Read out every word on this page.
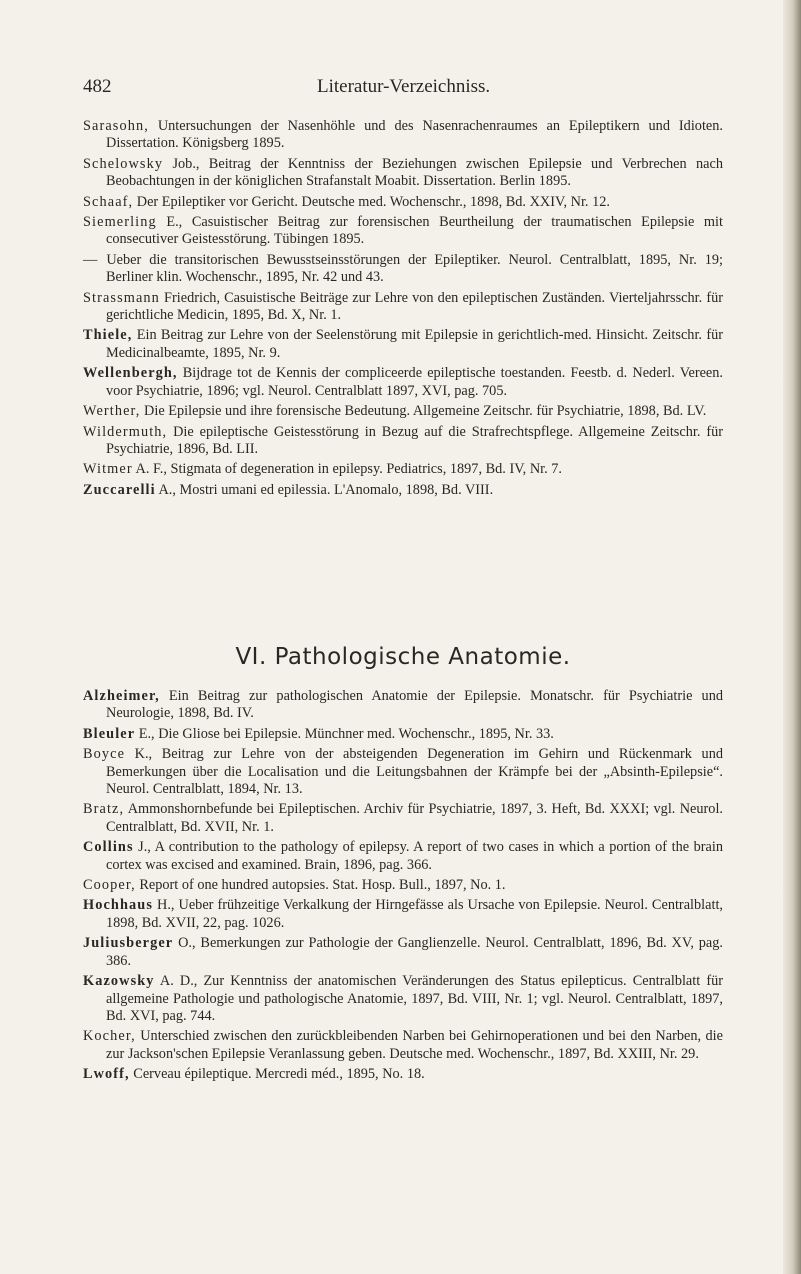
482	Literatur-Verzeichniss.

Sarasohn, Untersuchungen der Nasenhöhle und des Nasenrachenraumes an Epileptikern und Idioten. Dissertation. Königsberg 1895.

Schelowsky Job., Beitrag der Kenntniss der Beziehungen zwischen Epilepsie und Verbrechen nach Beobachtungen in der königlichen Strafanstalt Moabit. Dissertation. Berlin 1895.

Schaaf, Der Epileptiker vor Gericht. Deutsche med. Wochenschr., 1898, Bd. XXIV, Nr. 12.

Siemerling E., Casuistischer Beitrag zur forensischen Beurtheilung der traumatischen Epilepsie mit consecutiver Geistesstörung. Tübingen 1895.

— Ueber die transitorischen Bewusstseinsstörungen der Epileptiker. Neurol. Centralblatt, 1895, Nr. 19; Berliner klin. Wochenschr., 1895, Nr. 42 und 43.

Strassmann Friedrich, Casuistische Beiträge zur Lehre von den epileptischen Zuständen. Vierteljahrsschr. für gerichtliche Medicin, 1895, Bd. X, Nr. 1.

Thiele, Ein Beitrag zur Lehre von der Seelenstörung mit Epilepsie in gerichtlich-med. Hinsicht. Zeitschr. für Medicinalbeamte, 1895, Nr. 9.

Wellenbergh, Bijdrage tot de Kennis der compliceerde epileptische toestanden. Feestb. d. Nederl. Vereen. voor Psychiatrie, 1896; vgl. Neurol. Centralblatt 1897, XVI, pag. 705.

Werther, Die Epilepsie und ihre forensische Bedeutung. Allgemeine Zeitschr. für Psychiatrie, 1898, Bd. LV.

Wildermuth, Die epileptische Geistesstörung in Bezug auf die Strafrechtspflege. Allgemeine Zeitschr. für Psychiatrie, 1896, Bd. LII.

Witmer A. F., Stigmata of degeneration in epilepsy. Pediatrics, 1897, Bd. IV, Nr. 7.

Zuccarelli A., Mostri umani ed epilessia. L'Anomalo, 1898, Bd. VIII.

VI. Pathologische Anatomie.

Alzheimer, Ein Beitrag zur pathologischen Anatomie der Epilepsie. Monatschr. für Psychiatrie und Neurologie, 1898, Bd. IV.

Bleuler E., Die Gliose bei Epilepsie. Münchner med. Wochenschr., 1895, Nr. 33.

Boyce K., Beitrag zur Lehre von der absteigenden Degeneration im Gehirn und Rückenmark und Bemerkungen über die Localisation und die Leitungsbahnen der Krämpfe bei der „Absinth-Epilepsie“. Neurol. Centralblatt, 1894, Nr. 13.

Bratz, Ammonshornbefunde bei Epileptischen. Archiv für Psychiatrie, 1897, 3. Heft, Bd. XXXI; vgl. Neurol. Centralblatt, Bd. XVII, Nr. 1.

Collins J., A contribution to the pathology of epilepsy. A report of two cases in which a portion of the brain cortex was excised and examined. Brain, 1896, pag. 366.

Cooper, Report of one hundred autopsies. Stat. Hosp. Bull., 1897, No. 1.

Hochhaus H., Ueber frühzeitige Verkalkung der Hirngefässe als Ursache von Epilepsie. Neurol. Centralblatt, 1898, Bd. XVII, 22, pag. 1026.

Juliusberger O., Bemerkungen zur Pathologie der Ganglienzelle. Neurol. Centralblatt, 1896, Bd. XV, pag. 386.

Kazowsky A. D., Zur Kenntniss der anatomischen Veränderungen des Status epilepticus. Centralblatt für allgemeine Pathologie und pathologische Anatomie, 1897, Bd. VIII, Nr. 1; vgl. Neurol. Centralblatt, 1897, Bd. XVI, pag. 744.

Kocher, Unterschied zwischen den zurückbleibenden Narben bei Gehirnoperationen und bei den Narben, die zur Jackson'schen Epilepsie Veranlassung geben. Deutsche med. Wochenschr., 1897, Bd. XXIII, Nr. 29.

Lwoff, Cerveau épileptique. Mercredi méd., 1895, No. 18.
